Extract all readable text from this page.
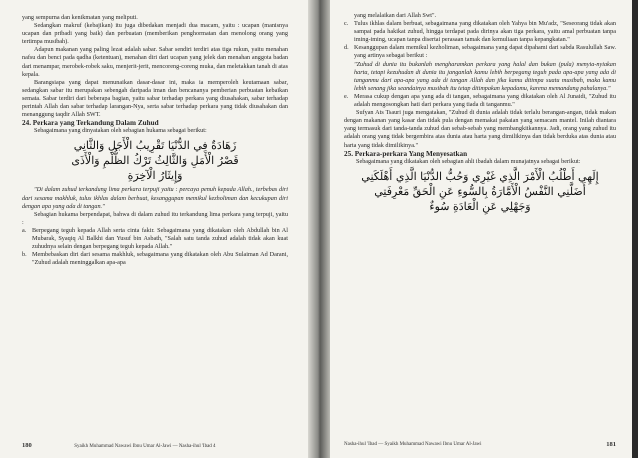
yang sempurna dan kenikmatan yang meliputi.

Sedangkan makruf (kebajikan) itu juga dibedakan menjadi dua macam, yaitu : ucapan (manisnya ucapan dan pribadi yang baik) dan perbuatan (memberikan penghormatan dan menolong orang yang tertimpa musibah).

Adapun makanan yang paling lezat adalah sabar. Sabar sendiri terdiri atas tiga rukun, yaitu menahan nafsu dan benci pada qadha (ketentuan), menahan diri dari ucapan yang jelek dan menahan anggota badan dari menampar, merobek-robek saku, menjerit-jerit, mencoreng-coreng muka, dan meletakkan tanah di atas kepala.

Barangsiapa yang dapat menunaikan dasar-dasar ini, maka ia memperoleh keutamaan sabar, sedangkan sabar itu merupakan sebengah daripada iman dan bencananya pemberian perbuatan kebaikan semata. Sabar terdiri dari beberapa bagian, yaitu sabar terhadap perkara yang diusahakan, sabar terhadap perintah Allah dan sabar terhadap larangan-Nya, serta sabar terhadap perkara yang tidak diusahakan dan menanggung taqdir Allah SWT.

24. Perkara yang Terkandung Dalam Zuhud

Sebagaimana yang dinyatakan oleh sebagian hukama sebagai berikut:

زَهَادَةٌ فِي الدُّنْيَا تَقْرِيبُ الْأَجَلِ وَالثَّانِي
قَصْرُ الْأَمَلِ وَالثَّالِثُ تَرْكُ الظُّلْمِ وَالْأَذَى
وَإِيثَارُ الْآخِرَةِ

"Di dalam zuhud terkandung lima perkara terpuji yaitu : percaya penuh kepada Allah., terbebas diri dari sesama makhluk, tulus ikhlas dalam berbuat, kesanggupan memikul kezholiman dan kecukupan diri dengan apa yang ada di tangan."

Sebagian hukama berpendapat, bahwa di dalam zuhud itu terkandung lima perkara yang terpuji, yaitu :

a. Berpegang teguh kepada Allah serta cinta fakir. Sebagaimana yang dikatakan oleh Abdullah bin Al Mubarak, Syaqiq Al Balkhi dan Yusuf bin Asbath, "Salah satu tanda zuhud adalah tidak akan kuat zuhudnya selain dengan berpegang teguh kepada Allah."

b. Membebaskan diri dari sesama makhluk, sebagaimana yang dikatakan oleh Abu Sulaiman Ad Darani, "Zuhud adalah meninggalkan apa-apa

180	Syaikh Muhammad Nawawi Ibnu Umar Al-Jawi — Nasha-ihul 'Ibad 4

yang melalaikan dari Allah Swt".

c. Tulus ikhlas dalam berbuat, sebagaimana yang dikatakan oleh Yahya bin Mu'adz, "Seseorang tidak akan sampai pada hakikat zuhud, hingga terdapat pada dirinya akan tiga perkara, yaitu amal perbuatan tanpa iming-iming, ucapan tanpa disertai perasaan tamak dan kemuliaan tanpa kepangkatan."

d. Kesanggupan dalam memikul kezholiman, sebagaimana yang dapat dipahami dari sabda Rasulullah Saw. yang artinya sebagai berikut :

"Zuhud di dunia itu bukanlah mengharamkan perkara yang halal dan bukan (pula) menyia-nyiakan harta, tetapi kezuhudan di dunia itu janganlah kamu lebih berpegang teguh pada apa-apa yang ada di tanganmu dari apa-apa yang ada di tangan Allah dan jika kamu ditimpa suatu musibah, maka kamu lebih senang jika seandainya musibah itu tetap ditimpakan kepadamu, karena memandang pahalanya."

e. Merasa cukup dengan apa yang ada di tangan, sebagaimana yang dikatakan oleh Al Junaidi, "Zuhud itu adalah mengosongkan hati dari perkara yang tiada di tanganmu."

Sufyan Ats Tsauri juga mengatakan, "Zuhud di dunia adalah tidak terlalu berangan-angan, tidak makan dengan makanan yang kasar dan tidak pula dengan memakai pakaian yang semacam mantel. Inilah diantara yang termasuk dari tanda-tanda zuhud dan sebab-sebab yang membangkitkannya. Jadi, orang yang zuhud itu adalah orang yang tidak bergembira atas dunia atau harta yang dimilikinya dan tidak berduka atas dunia atau harta yang tidak dimilikinya."

25. Perkara-perkara Yang Menyesatkan

Sebagaimana yang dikatakan oleh sebagian ahli ibadah dalam munajatnya sebagai berikut:

إِلَهِي أَطْلُبُ الْأَمْرَ الَّذِي غَيْرِي وَحُبُّ الدُّنْيَا الَّذِي أَهْلَكَنِي
أَضَلَّنِي النَّفْسُ الْأَمَّارَةُ بِالسُّوءِ عَنِ الْحَقِّ مَعْرِفَتِي
وَجَهْلِي عَنِ الْعَادَةِ سُوءٌ
Nasha-ihul 'Ibad — Syaikh Muhammad Nawawi Ibnu Umar Al-Jawi	181
